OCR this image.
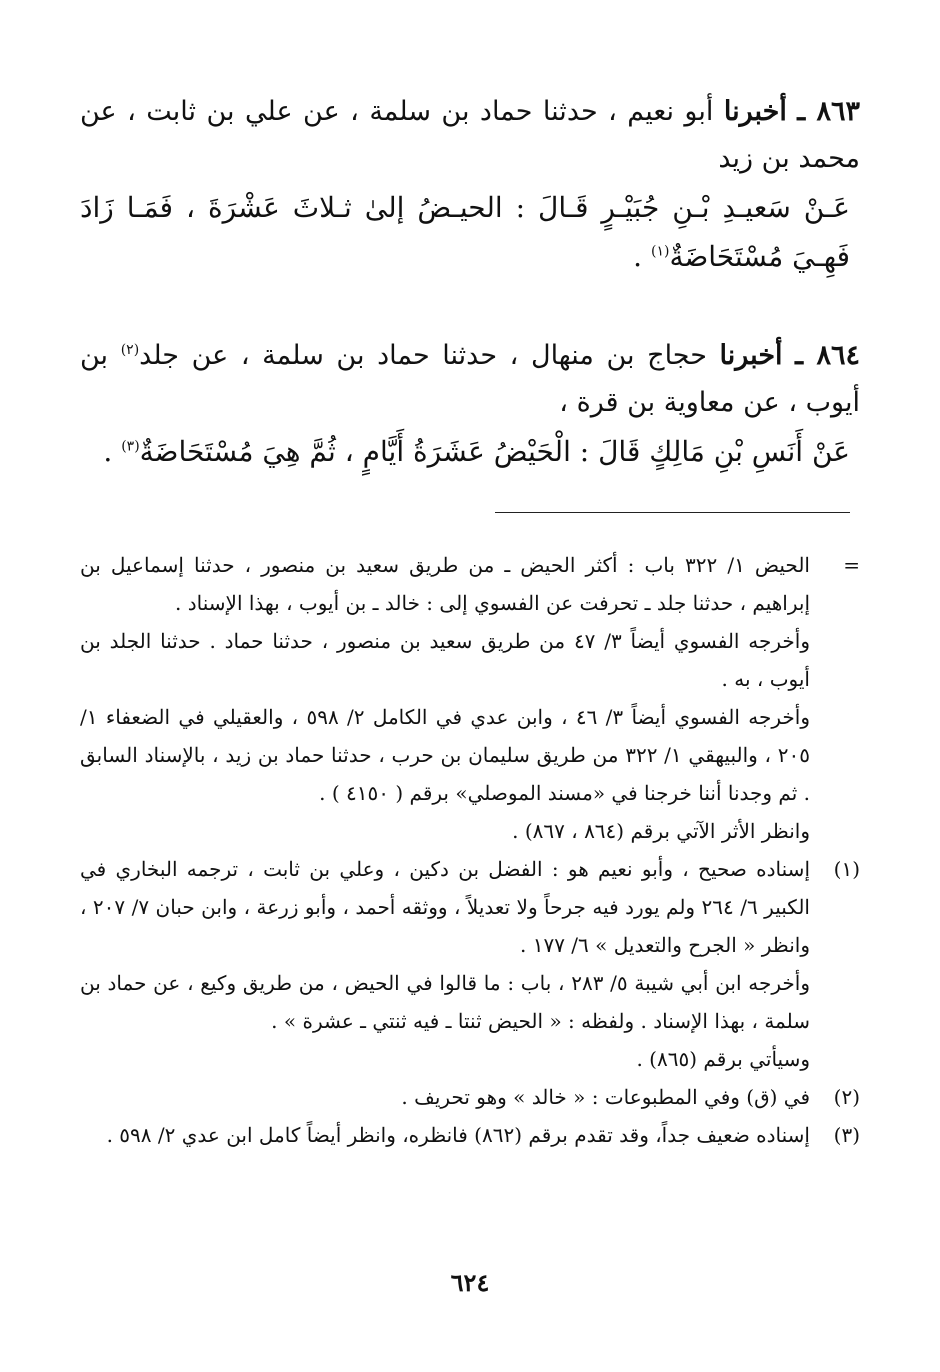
٨٦٣ ـ أخبرنا أبو نعيم ، حدثنا حماد بن سلمة ، عن علي بن ثابت ، عن محمد بن زيد

عَـنْ سَعيـدِ بْـنِ جُبَيْـرٍ قَـالَ : الحيـضُ إلىٰ ثـلاثَ عَشْرَةَ ، فَمَـا زَادَ فَهِـيَ مُسْتَحَاضَةٌ$^{(١)}$ .

٨٦٤ ـ أخبرنا حجاج بن منهال ، حدثنا حماد بن سلمة ، عن جلد$^{(٢)}$ بن أيوب ، عن معاوية بن قرة ،

عَنْ أَنَسِ بْنِ مَالِكٍ قَالَ : الْحَيْضُ عَشَرَةُ أَيَّامٍ ، ثُمَّ هِيَ مُسْتَحَاضَةٌ$^{(٣)}$ .

=

الحيض ١/ ٣٢٢ باب : أكثر الحيض ـ من طريق سعيد بن منصور ، حدثنا إسماعيل بن إبراهيم ، حدثنا جلد ـ تحرفت عن الفسوي إلى : خالد ـ بن أيوب ، بهذا الإسناد .

وأخرجه الفسوي أيضاً ٣/ ٤٧ من طريق سعيد بن منصور ، حدثنا حماد . حدثنا الجلد بن أيوب ، به .

وأخرجه الفسوي أيضاً ٣/ ٤٦ ، وابن عدي في الكامل ٢/ ٥٩٨ ، والعقيلي في الضعفاء ١/ ٢٠٥ ، والبيهقي ١/ ٣٢٢ من طريق سليمان بن حرب ، حدثنا حماد بن زيد ، بالإسناد السابق . ثم وجدنا أننا خرجنا في «مسند الموصلي» برقم ( ٤١٥٠ ) .

وانظر الأثر الآتي برقم (٨٦٤ ، ٨٦٧) .

(١)

إسناده صحيح ، وأبو نعيم هو : الفضل بن دكين ، وعلي بن ثابت ، ترجمه البخاري في الكبير ٦/ ٢٦٤ ولم يورد فيه جرحاً ولا تعديلاً ، ووثقه أحمد ، وأبو زرعة ، وابن حبان ٧/ ٢٠٧ ، وانظر « الجرح والتعديل » ٦/ ١٧٧ .

وأخرجه ابن أبي شيبة ٥/ ٢٨٣ ، باب : ما قالوا في الحيض ، من طريق وكيع ، عن حماد بن سلمة ، بهذا الإسناد . ولفظه : « الحيض ثنتا ـ فيه ثنتي ـ عشرة » .

وسيأتي برقم (٨٦٥) .

(٢)

في (ق) وفي المطبوعات : « خالد » وهو تحريف .

(٣)

إسناده ضعيف جداً، وقد تقدم برقم (٨٦٢) فانظره، وانظر أيضاً كامل ابن عدي ٢/ ٥٩٨ .

٦٢٤
